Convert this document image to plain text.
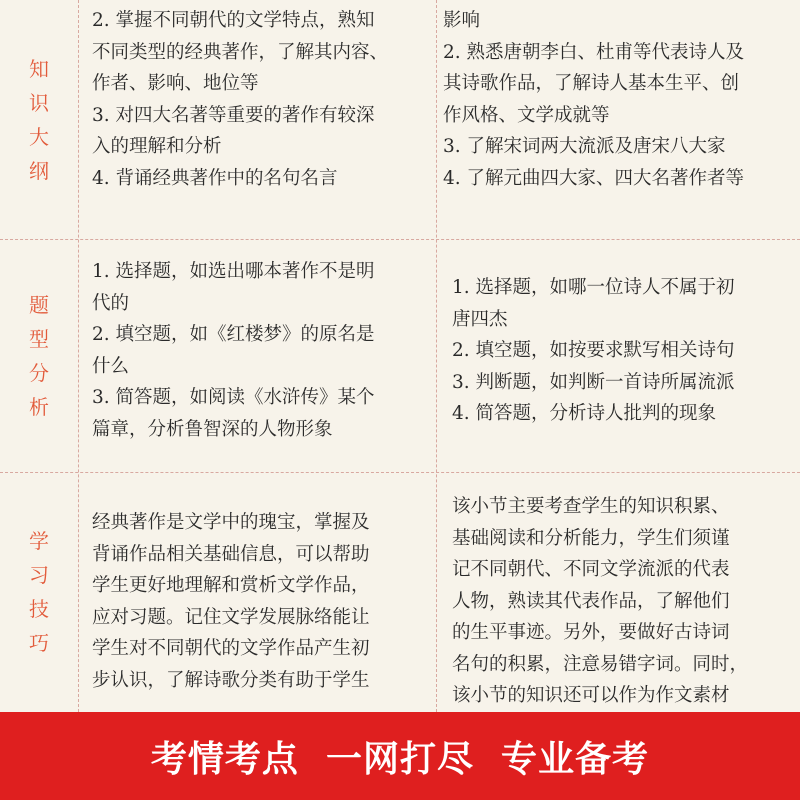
知
识
大
纲
2. 掌握不同朝代的文学特点，熟知
不同类型的经典著作，了解其内容、
作者、影响、地位等
3. 对四大名著等重要的著作有较深
入的理解和分析
4. 背诵经典著作中的名句名言
影响
2. 熟悉唐朝李白、杜甫等代表诗人及
其诗歌作品，了解诗人基本生平、创
作风格、文学成就等
3. 了解宋词两大流派及唐宋八大家
4. 了解元曲四大家、四大名著作者等
题
型
分
析
1. 选择题，如选出哪本著作不是明
代的
2. 填空题，如《红楼梦》的原名是
什么
3. 简答题，如阅读《水浒传》某个
篇章，分析鲁智深的人物形象
1. 选择题，如哪一位诗人不属于初
唐四杰
2. 填空题，如按要求默写相关诗句
3. 判断题，如判断一首诗所属流派
4. 简答题，分析诗人批判的现象
学
习
技
巧
经典著作是文学中的瑰宝，掌握及
背诵作品相关基础信息，可以帮助
学生更好地理解和赏析文学作品，
应对习题。记住文学发展脉络能让
学生对不同朝代的文学作品产生初
步认识，了解诗歌分类有助于学生
该小节主要考查学生的知识积累、
基础阅读和分析能力，学生们须谨
记不同朝代、不同文学流派的代表
人物，熟读其代表作品，了解他们
的生平事迹。另外，要做好古诗词
名句的积累，注意易错字词。同时，
该小节的知识还可以作为作文素材
考情考点  一网打尽  专业备考
